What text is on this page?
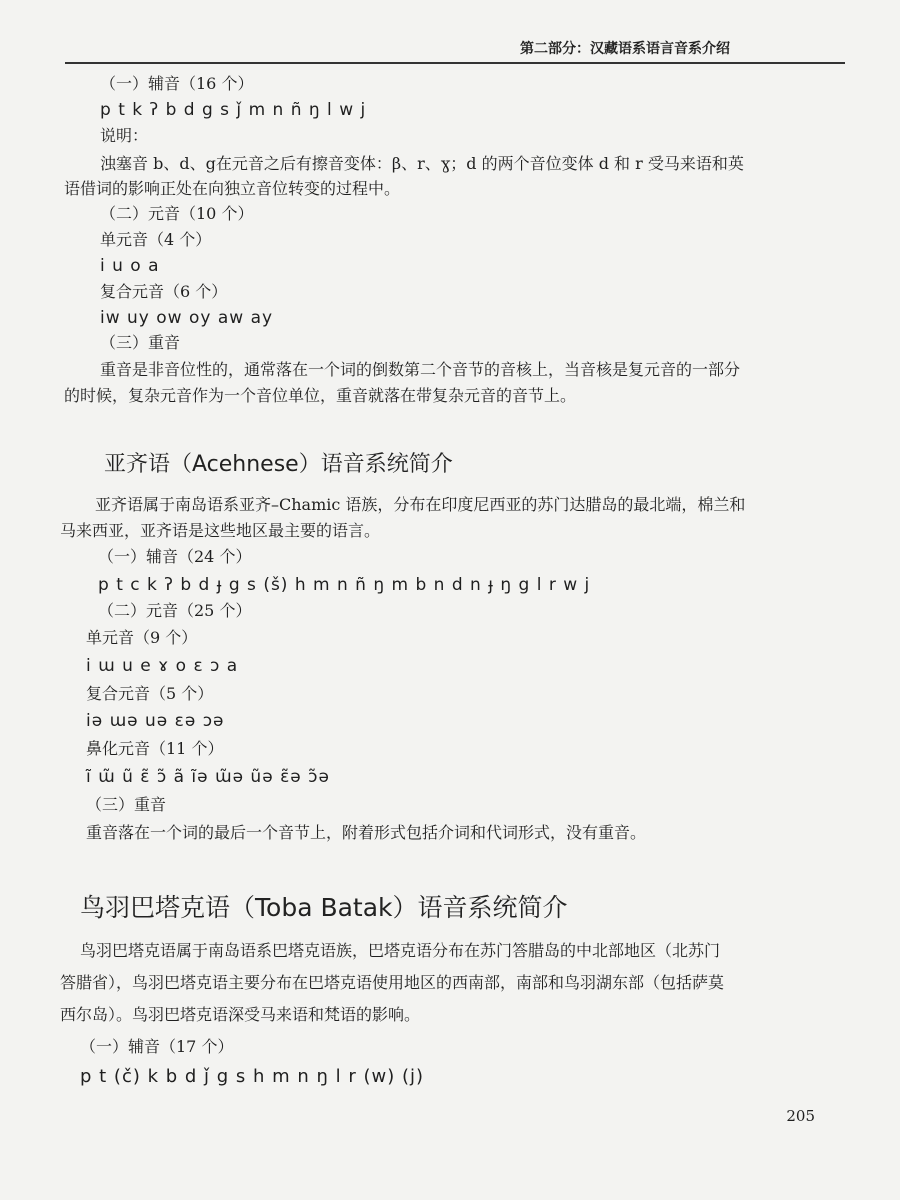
第二部分：汉藏语系语言音系介绍
（一）辅音（16 个）
p t k ʔ b d g s ǰ m n ñ ŋ l w j
说明：
浊塞音 b、d、g在元音之后有擦音变体：β、r、ɣ；d 的两个音位变体 d 和 r 受马来语和英
语借词的影响正处在向独立音位转变的过程中。
（二）元音（10 个）
单元音（4 个）
i u o a
复合元音（6 个）
iw uy ow oy aw ay
（三）重音
重音是非音位性的，通常落在一个词的倒数第二个音节的音核上，当音核是复元音的一部分
的时候，复杂元音作为一个音位单位，重音就落在带复杂元音的音节上。
亚齐语（Acehnese）语音系统简介
亚齐语属于南岛语系亚齐–Chamic 语族，分布在印度尼西亚的苏门达腊岛的最北端，棉兰和
马来西亚，亚齐语是这些地区最主要的语言。
（一）辅音（24 个）
p t c k ʔ b d ɟ g s (š) h m n ñ ŋ m b n d n ɟ ŋ g l r w j
（二）元音（25 个）
单元音（9 个）
i ɯ u e ɤ o ɛ ɔ a
复合元音（5 个）
iə ɯə uə ɛə ɔə
鼻化元音（11 个）
ĩ ɯ̃ ũ ɛ̃ ɔ̃ ã ĩə ɯ̃ə ũə ɛ̃ə ɔ̃ə
（三）重音
重音落在一个词的最后一个音节上，附着形式包括介词和代词形式，没有重音。
鸟羽巴塔克语（Toba Batak）语音系统简介
鸟羽巴塔克语属于南岛语系巴塔克语族，巴塔克语分布在苏门答腊岛的中北部地区（北苏门
答腊省），鸟羽巴塔克语主要分布在巴塔克语使用地区的西南部，南部和鸟羽湖东部（包括萨莫
西尔岛）。鸟羽巴塔克语深受马来语和梵语的影响。
（一）辅音（17 个）
p t (č) k b d ǰ g s h m n ŋ l r (w) (j)
205
